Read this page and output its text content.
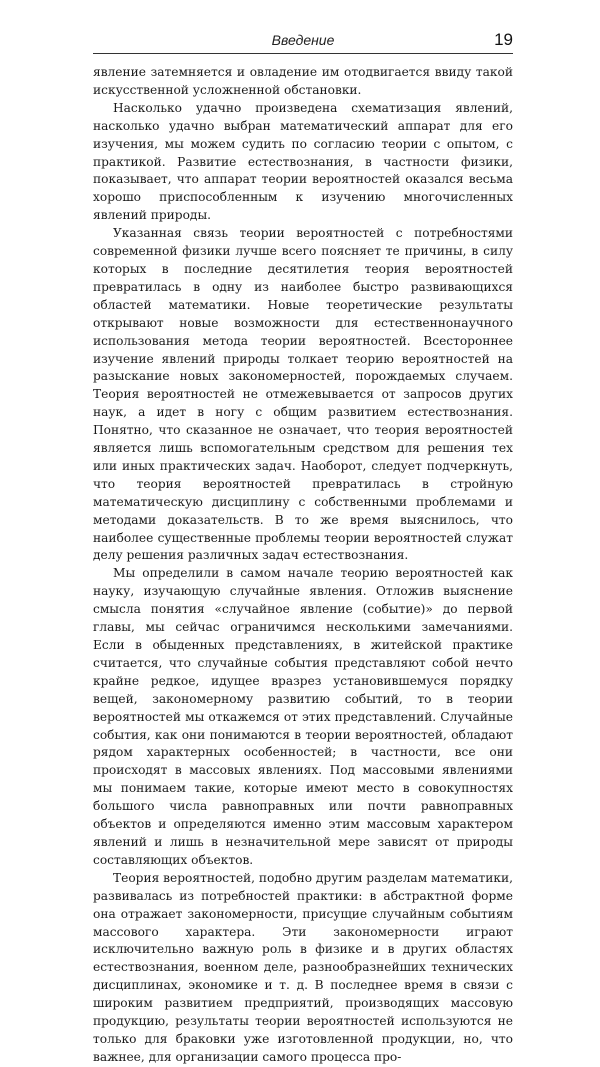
Введение	19

явление затемняется и овладение им отодвигается ввиду такой искусственной усложненной обстановки.

Насколько удачно произведена схематизация явлений, насколько удачно выбран математический аппарат для его изучения, мы можем судить по согласию теории с опытом, с практикой. Развитие естествознания, в частности физики, показывает, что аппарат теории вероятностей оказался весьма хорошо приспособленным к изучению многочисленных явлений природы.

Указанная связь теории вероятностей с потребностями современной физики лучше всего поясняет те причины, в силу которых в последние десятилетия теория вероятностей превратилась в одну из наиболее быстро развивающихся областей математики. Новые теоретические результаты открывают новые возможности для естественнонаучного использования метода теории вероятностей. Всестороннее изучение явлений природы толкает теорию вероятностей на разыскание новых закономерностей, порождаемых случаем. Теория вероятностей не отмежевывается от запросов других наук, а идет в ногу с общим развитием естествознания. Понятно, что сказанное не означает, что теория вероятностей является лишь вспомогательным средством для решения тех или иных практических задач. Наоборот, следует подчеркнуть, что теория вероятностей превратилась в стройную математическую дисциплину с собственными проблемами и методами доказательств. В то же время выяснилось, что наиболее существенные проблемы теории вероятностей служат делу решения различных задач естествознания.

Мы определили в самом начале теорию вероятностей как науку, изучающую случайные явления. Отложив выяснение смысла понятия «случайное явление (событие)» до первой главы, мы сейчас ограничимся несколькими замечаниями. Если в обыденных представлениях, в житейской практике считается, что случайные события представляют собой нечто крайне редкое, идущее вразрез установившемуся порядку вещей, закономерному развитию событий, то в теории вероятностей мы откажемся от этих представлений. Случайные события, как они понимаются в теории вероятностей, обладают рядом характерных особенностей; в частности, все они происходят в массовых явлениях. Под массовыми явлениями мы понимаем такие, которые имеют место в совокупностях большого числа равноправных или почти равноправных объектов и определяются именно этим массовым характером явлений и лишь в незначительной мере зависят от природы составляющих объектов.

Теория вероятностей, подобно другим разделам математики, развивалась из потребностей практики: в абстрактной форме она отражает закономерности, присущие случайным событиям массового характера. Эти закономерности играют исключительно важную роль в физике и в других областях естествознания, военном деле, разнообразнейших технических дисциплинах, экономике и т. д. В последнее время в связи с широким развитием предприятий, производящих массовую продукцию, результаты теории вероятностей используются не только для браковки уже изготовленной продукции, но, что важнее, для организации самого процесса про-
